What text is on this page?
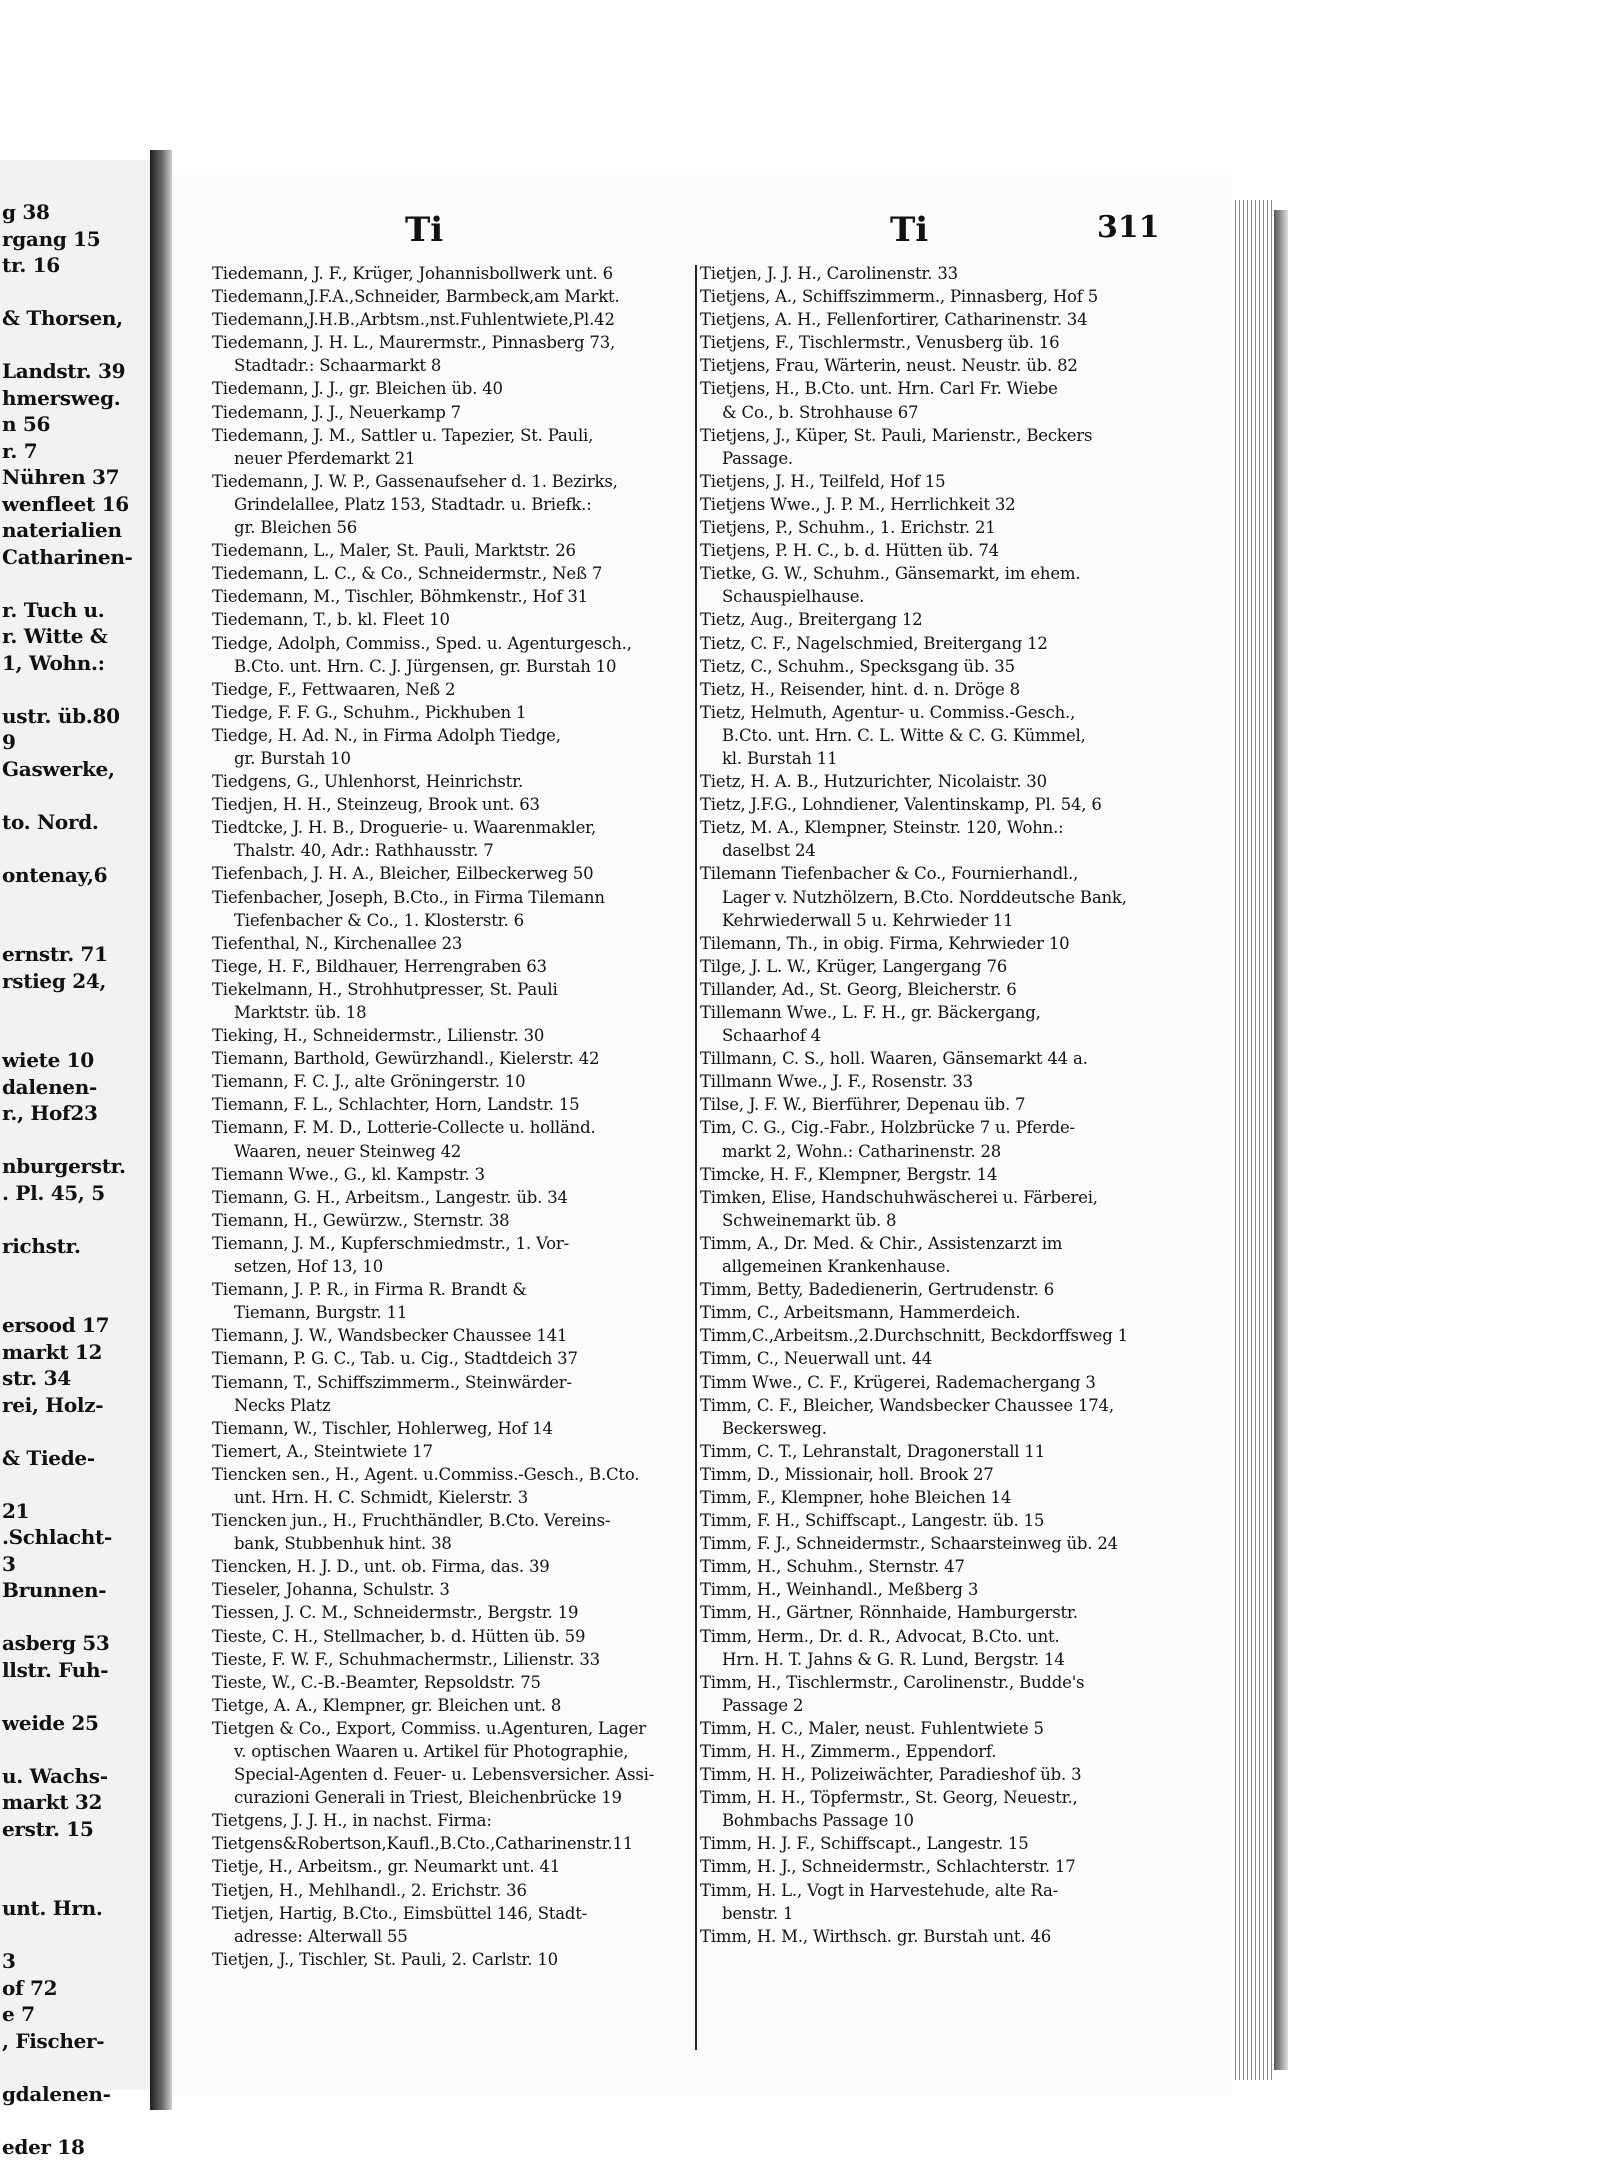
g 38
rgang 15
tr. 16
& Thorsen,
Landstr. 39
hmersweg.
n 56
r. 7
Nühren 37
wenfleet 16
naterialien
Catharinen-
r. Tuch u.
r. Witte &
1, Wohn.:
ustr. üb.80
9
Gaswerke,
to. Nord.
ontenay,6
ernstr. 71
rstieg 24,
wiete 10
dalenen-
r., Hof23
nburgerstr.
. Pl. 45, 5
richstr.
ersood 17
markt 12
str. 34
rei, Holz-
& Tiede-
21
.Schlacht-
3
Brunnen-
asberg 53
llstr. Fuh-
weide 25
u. Wachs-
markt 32
erstr. 15
unt. Hrn.
3
of 72
e 7
, Fischer-
gdalenen-
eder 18
Ti	Ti	311
Tiedemann, J. F., Krüger, Johannisbollwerk unt. 6
Tiedemann,J.F.A.,Schneider, Barmbeck,am Markt.
Tiedemann,J.H.B.,Arbtsm.,nst.Fuhlentwiete,Pl.42
Tiedemann, J. H. L., Maurermstr., Pinnasberg 73,
Stadtadr.: Schaarmarkt 8
Tiedemann, J. J., gr. Bleichen üb. 40
Tiedemann, J. J., Neuerkamp 7
Tiedemann, J. M., Sattler u. Tapezier, St. Pauli,
neuer Pferdemarkt 21
Tiedemann, J. W. P., Gassenaufseher d. 1. Bezirks,
Grindelallee, Platz 153, Stadtadr. u. Briefk.:
gr. Bleichen 56
Tiedemann, L., Maler, St. Pauli, Marktstr. 26
Tiedemann, L. C., & Co., Schneidermstr., Neß 7
Tiedemann, M., Tischler, Böhmkenstr., Hof 31
Tiedemann, T., b. kl. Fleet 10
Tiedge, Adolph, Commiss., Sped. u. Agenturgesch.,
B.Cto. unt. Hrn. C. J. Jürgensen, gr. Burstah 10
Tiedge, F., Fettwaaren, Neß 2
Tiedge, F. F. G., Schuhm., Pickhuben 1
Tiedge, H. Ad. N., in Firma Adolph Tiedge,
gr. Burstah 10
Tiedgens, G., Uhlenhorst, Heinrichstr.
Tiedjen, H. H., Steinzeug, Brook unt. 63
Tiedtcke, J. H. B., Droguerie- u. Waarenmakler,
Thalstr. 40, Adr.: Rathhausstr. 7
Tiefenbach, J. H. A., Bleicher, Eilbeckerweg 50
Tiefenbacher, Joseph, B.Cto., in Firma Tilemann
Tiefenbacher & Co., 1. Klosterstr. 6
Tiefenthal, N., Kirchenallee 23
Tiege, H. F., Bildhauer, Herrengraben 63
Tiekelmann, H., Strohhutpresser, St. Pauli
Marktstr. üb. 18
Tieking, H., Schneidermstr., Lilienstr. 30
Tiemann, Barthold, Gewürzhandl., Kielerstr. 42
Tiemann, F. C. J., alte Gröningerstr. 10
Tiemann, F. L., Schlachter, Horn, Landstr. 15
Tiemann, F. M. D., Lotterie-Collecte u. holländ.
Waaren, neuer Steinweg 42
Tiemann Wwe., G., kl. Kampstr. 3
Tiemann, G. H., Arbeitsm., Langestr. üb. 34
Tiemann, H., Gewürzw., Sternstr. 38
Tiemann, J. M., Kupferschmiedmstr., 1. Vor-
setzen, Hof 13, 10
Tiemann, J. P. R., in Firma R. Brandt &
Tiemann, Burgstr. 11
Tiemann, J. W., Wandsbecker Chaussee 141
Tiemann, P. G. C., Tab. u. Cig., Stadtdeich 37
Tiemann, T., Schiffszimmerm., Steinwärder-
Necks Platz
Tiemann, W., Tischler, Hohlerweg, Hof 14
Tiemert, A., Steintwiete 17
Tiencken sen., H., Agent. u.Commiss.-Gesch., B.Cto.
unt. Hrn. H. C. Schmidt, Kielerstr. 3
Tiencken jun., H., Fruchthändler, B.Cto. Vereins-
bank, Stubbenhuk hint. 38
Tiencken, H. J. D., unt. ob. Firma, das. 39
Tieseler, Johanna, Schulstr. 3
Tiessen, J. C. M., Schneidermstr., Bergstr. 19
Tieste, C. H., Stellmacher, b. d. Hütten üb. 59
Tieste, F. W. F., Schuhmachermstr., Lilienstr. 33
Tieste, W., C.-B.-Beamter, Repsoldstr. 75
Tietge, A. A., Klempner, gr. Bleichen unt. 8
Tietgen & Co., Export, Commiss. u.Agenturen, Lager
v. optischen Waaren u. Artikel für Photographie,
Special-Agenten d. Feuer- u. Lebensversicher. Assi-
curazioni Generali in Triest, Bleichenbrücke 19
Tietgens, J. J. H., in nachst. Firma:
Tietgens&Robertson,Kaufl.,B.Cto.,Catharinenstr.11
Tietje, H., Arbeitsm., gr. Neumarkt unt. 41
Tietjen, H., Mehlhandl., 2. Erichstr. 36
Tietjen, Hartig, B.Cto., Eimsbüttel 146, Stadt-
adresse: Alterwall 55
Tietjen, J., Tischler, St. Pauli, 2. Carlstr. 10
Tietjen, J. J. H., Carolinenstr. 33
Tietjens, A., Schiffszimmerm., Pinnasberg, Hof 5
Tietjens, A. H., Fellenfortirer, Catharinenstr. 34
Tietjens, F., Tischlermstr., Venusberg üb. 16
Tietjens, Frau, Wärterin, neust. Neustr. üb. 82
Tietjens, H., B.Cto. unt. Hrn. Carl Fr. Wiebe
& Co., b. Strohhause 67
Tietjens, J., Küper, St. Pauli, Marienstr., Beckers
Passage.
Tietjens, J. H., Teilfeld, Hof 15
Tietjens Wwe., J. P. M., Herrlichkeit 32
Tietjens, P., Schuhm., 1. Erichstr. 21
Tietjens, P. H. C., b. d. Hütten üb. 74
Tietke, G. W., Schuhm., Gänsemarkt, im ehem.
Schauspielhause.
Tietz, Aug., Breitergang 12
Tietz, C. F., Nagelschmied, Breitergang 12
Tietz, C., Schuhm., Specksgang üb. 35
Tietz, H., Reisender, hint. d. n. Dröge 8
Tietz, Helmuth, Agentur- u. Commiss.-Gesch.,
B.Cto. unt. Hrn. C. L. Witte & C. G. Kümmel,
kl. Burstah 11
Tietz, H. A. B., Hutzurichter, Nicolaistr. 30
Tietz, J.F.G., Lohndiener, Valentinskamp, Pl. 54, 6
Tietz, M. A., Klempner, Steinstr. 120, Wohn.:
daselbst 24
Tilemann Tiefenbacher & Co., Fournierhandl.,
Lager v. Nutzhölzern, B.Cto. Norddeutsche Bank,
Kehrwiederwall 5 u. Kehrwieder 11
Tilemann, Th., in obig. Firma, Kehrwieder 10
Tilge, J. L. W., Krüger, Langergang 76
Tillander, Ad., St. Georg, Bleicherstr. 6
Tillemann Wwe., L. F. H., gr. Bäckergang,
Schaarhof 4
Tillmann, C. S., holl. Waaren, Gänsemarkt 44 a.
Tillmann Wwe., J. F., Rosenstr. 33
Tilse, J. F. W., Bierführer, Depenau üb. 7
Tim, C. G., Cig.-Fabr., Holzbrücke 7 u. Pferde-
markt 2, Wohn.: Catharinenstr. 28
Timcke, H. F., Klempner, Bergstr. 14
Timken, Elise, Handschuhwäscherei u. Färberei,
Schweinemarkt üb. 8
Timm, A., Dr. Med. & Chir., Assistenzarzt im
allgemeinen Krankenhause.
Timm, Betty, Badedienerin, Gertrudenstr. 6
Timm, C., Arbeitsmann, Hammerdeich.
Timm,C.,Arbeitsm.,2.Durchschnitt, Beckdorffsweg 1
Timm, C., Neuerwall unt. 44
Timm Wwe., C. F., Krügerei, Rademachergang 3
Timm, C. F., Bleicher, Wandsbecker Chaussee 174,
Beckersweg.
Timm, C. T., Lehranstalt, Dragonerstall 11
Timm, D., Missionair, holl. Brook 27
Timm, F., Klempner, hohe Bleichen 14
Timm, F. H., Schiffscapt., Langestr. üb. 15
Timm, F. J., Schneidermstr., Schaarsteinweg üb. 24
Timm, H., Schuhm., Sternstr. 47
Timm, H., Weinhandl., Meßberg 3
Timm, H., Gärtner, Rönnhaide, Hamburgerstr.
Timm, Herm., Dr. d. R., Advocat, B.Cto. unt.
Hrn. H. T. Jahns & G. R. Lund, Bergstr. 14
Timm, H., Tischlermstr., Carolinenstr., Budde's
Passage 2
Timm, H. C., Maler, neust. Fuhlentwiete 5
Timm, H. H., Zimmerm., Eppendorf.
Timm, H. H., Polizeiwächter, Paradieshof üb. 3
Timm, H. H., Töpfermstr., St. Georg, Neuestr.,
Bohmbachs Passage 10
Timm, H. J. F., Schiffscapt., Langestr. 15
Timm, H. J., Schneidermstr., Schlachterstr. 17
Timm, H. L., Vogt in Harvestehude, alte Ra-
benstr. 1
Timm, H. M., Wirthsch. gr. Burstah unt. 46
